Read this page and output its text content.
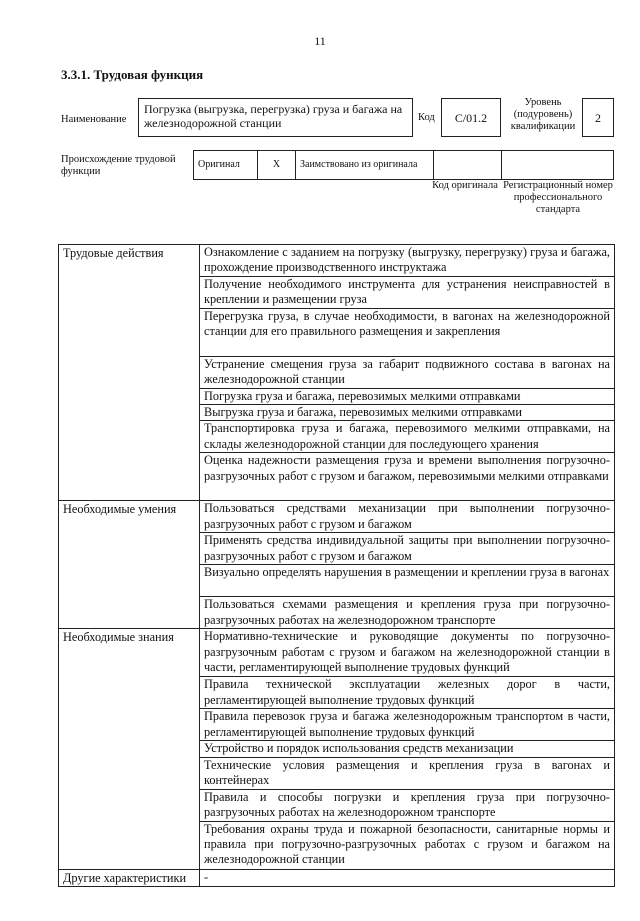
11
3.3.1. Трудовая функция
Наименование
Погрузка (выгрузка, перегрузка) груза и багажа на железнодорожной станции	Код	С/01.2
Уровень (подуровень) квалификации
2
Происхождение трудовой функции
Оригинал	X	Заимствовано из оригинала		
Код оригинала Регистрационный номер профессионального стандарта
Трудовые действия	Ознакомление с заданием на погрузку (выгрузку, перегрузку) груза и багажа, прохождение производственного инструктажа
	Получение необходимого инструмента для устранения неисправностей в креплении и размещении груза
	Перегрузка груза, в случае необходимости, в вагонах на железнодорожной станции для его правильного размещения и закрепления
	Устранение смещения груза за габарит подвижного состава в вагонах на железнодорожной станции
	Погрузка груза и багажа, перевозимых мелкими отправками
	Выгрузка груза и багажа, перевозимых мелкими отправками
	Транспортировка груза и багажа, перевозимого мелкими отправками, на склады железнодорожной станции для последующего хранения
	Оценка надежности размещения груза и времени выполнения погрузочно-разгрузочных работ с грузом и багажом, перевозимыми мелкими отправками
Необходимые умения	Пользоваться средствами механизации при выполнении погрузочно-разгрузочных работ с грузом и багажом
	Применять средства индивидуальной защиты при выполнении погрузочно-разгрузочных работ с грузом и багажом
	Визуально определять нарушения в размещении и креплении груза в вагонах
	Пользоваться схемами размещения и крепления груза при погрузочно-разгрузочных работах на железнодорожном транспорте
Необходимые знания	Нормативно-технические и руководящие документы по погрузочно-разгрузочным работам с грузом и багажом на железнодорожной станции в части, регламентирующей выполнение трудовых функций
	Правила технической эксплуатации железных дорог в части, регламентирующей выполнение трудовых функций
	Правила перевозок груза и багажа железнодорожным транспортом в части, регламентирующей выполнение трудовых функций
	Устройство и порядок использования средств механизации
	Технические условия размещения и крепления груза в вагонах и контейнерах
	Правила и способы погрузки и крепления груза при погрузочно-разгрузочных работах на железнодорожном транспорте
	Требования охраны труда и пожарной безопасности, санитарные нормы и правила при погрузочно-разгрузочных работах с грузом и багажом на железнодорожной станции
Другие характеристики	-
